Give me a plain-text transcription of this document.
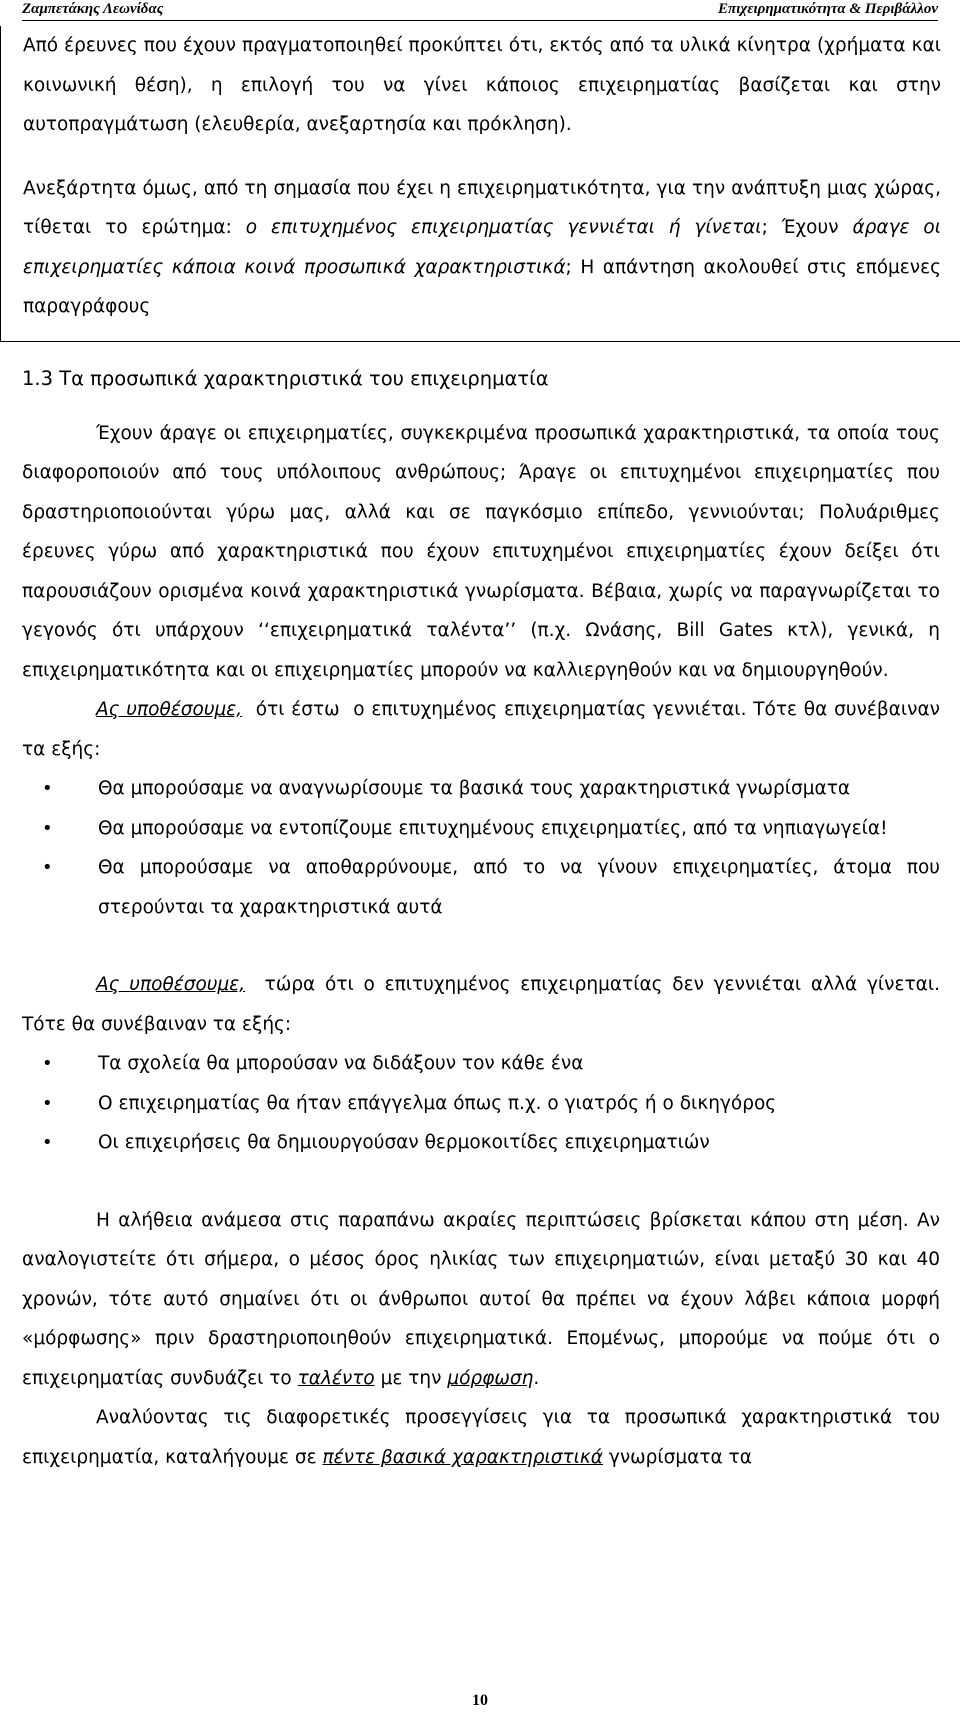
Ζαμπετάκης Λεωνίδας	Επιχειρηματικότητα & Περιβάλλον

Από έρευνες που έχουν πραγματοποιηθεί προκύπτει ότι, εκτός από τα υλικά κίνητρα (χρήματα και κοινωνική θέση), η επιλογή του να γίνει κάποιος επιχειρηματίας βασίζεται και στην αυτοπραγμάτωση (ελευθερία, ανεξαρτησία και πρόκληση).

Ανεξάρτητα όμως, από τη σημασία που έχει η επιχειρηματικότητα, για την ανάπτυξη μιας χώρας, τίθεται το ερώτημα: ο επιτυχημένος επιχειρηματίας γεννιέται ή γίνεται; Έχουν άραγε οι επιχειρηματίες κάποια κοινά προσωπικά χαρακτηριστικά; Η απάντηση ακολουθεί στις επόμενες παραγράφους

1.3 Τα προσωπικά χαρακτηριστικά του επιχειρηματία

Έχουν άραγε οι επιχειρηματίες, συγκεκριμένα προσωπικά χαρακτηριστικά, τα οποία τους διαφοροποιούν από τους υπόλοιπους ανθρώπους; Άραγε οι επιτυχημένοι επιχειρηματίες που δραστηριοποιούνται γύρω μας, αλλά και σε παγκόσμιο επίπεδο, γεννιούνται; Πολυάριθμες έρευνες γύρω από χαρακτηριστικά που έχουν επιτυχημένοι επιχειρηματίες έχουν δείξει ότι παρουσιάζουν ορισμένα κοινά χαρακτηριστικά γνωρίσματα. Βέβαια, χωρίς να παραγνωρίζεται το γεγονός ότι υπάρχουν ‘‘επιχειρηματικά ταλέντα’’ (π.χ. Ωνάσης, Bill Gates κτλ), γενικά, η επιχειρηματικότητα και οι επιχειρηματίες μπορούν να καλλιεργηθούν και να δημιουργηθούν.

Ας υποθέσουμε,  ότι έστω  ο επιτυχημένος επιχειρηματίας γεννιέται. Τότε θα συνέβαιναν τα εξής:

• Θα μπορούσαμε να αναγνωρίσουμε τα βασικά τους χαρακτηριστικά γνωρίσματα
• Θα μπορούσαμε να εντοπίζουμε επιτυχημένους επιχειρηματίες, από τα νηπιαγωγεία!
• Θα μπορούσαμε να αποθαρρύνουμε, από το να γίνουν επιχειρηματίες, άτομα που στερούνται τα χαρακτηριστικά αυτά

Ας υποθέσουμε,  τώρα ότι ο επιτυχημένος επιχειρηματίας δεν γεννιέται αλλά γίνεται. Τότε θα συνέβαιναν τα εξής:

• Τα σχολεία θα μπορούσαν να διδάξουν τον κάθε ένα
• Ο επιχειρηματίας θα ήταν επάγγελμα όπως π.χ. ο γιατρός ή ο δικηγόρος
• Οι επιχειρήσεις θα δημιουργούσαν θερμοκοιτίδες επιχειρηματιών

Η αλήθεια ανάμεσα στις παραπάνω ακραίες περιπτώσεις βρίσκεται κάπου στη μέση. Αν αναλογιστείτε ότι σήμερα, ο μέσος όρος ηλικίας των επιχειρηματιών, είναι μεταξύ 30 και 40 χρονών, τότε αυτό σημαίνει ότι οι άνθρωποι αυτοί θα πρέπει να έχουν λάβει κάποια μορφή «μόρφωσης» πριν δραστηριοποιηθούν επιχειρηματικά. Επομένως, μπορούμε να πούμε ότι ο επιχειρηματίας συνδυάζει το ταλέντο με την μόρφωση.

Αναλύοντας τις διαφορετικές προσεγγίσεις για τα προσωπικά χαρακτηριστικά του επιχειρηματία, καταλήγουμε σε πέντε βασικά χαρακτηριστικά γνωρίσματα τα

10
